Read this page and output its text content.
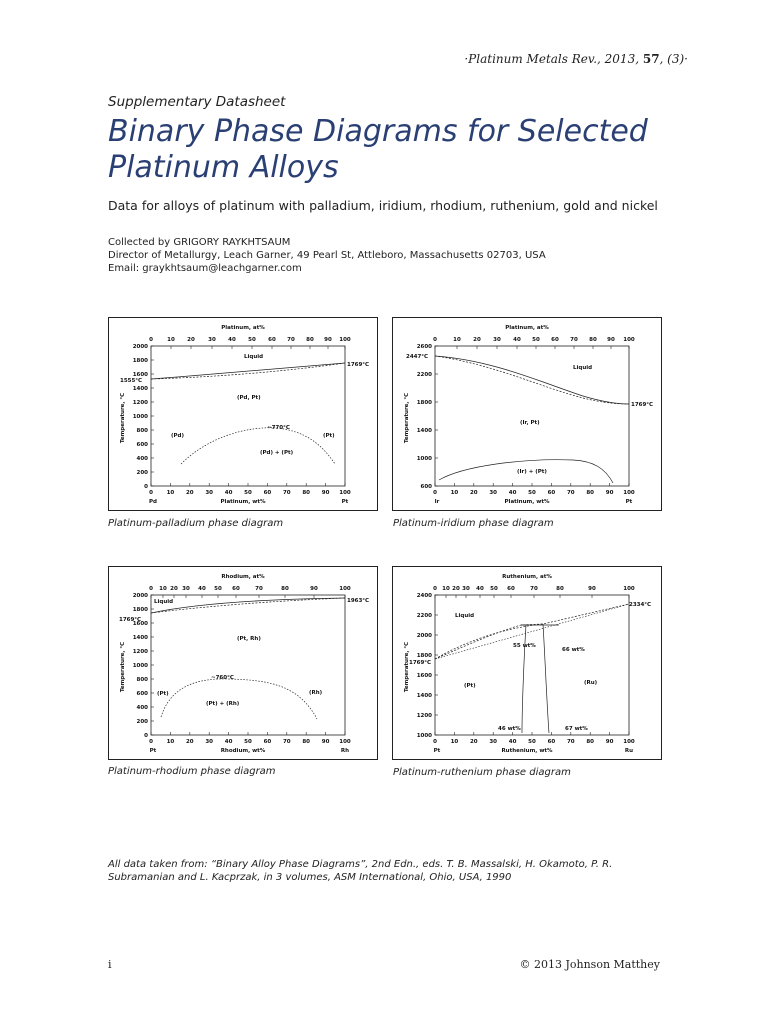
·Platinum Metals Rev., 2013, 57, (3)·
Supplementary Datasheet
Binary Phase Diagrams for Selected
Platinum Alloys
Data for alloys of platinum with palladium, iridium, rhodium, ruthenium, gold and nickel
Collected by GRIGORY RAYKHTSAUM
Director of Metallurgy, Leach Garner, 49 Pearl St, Attleboro, Massachusetts 02703, USA
Email: graykhtsaum@leachgarner.com
0 10 20 30 40 50 60 70 80 90 100
0	10 20 30 40 50 60 70 80 90 100
2000
1800
1600
1400
1200
1000
800
600
400
200
0
Platinum, at%
Platinum, wt%
Pd	Pt
Temperature, °C
Liquid
1555°C
1769°C
(Pd, Pt)
(Pd)	(Pt)
~770°C
(Pd) + (Pt)
Platinum-palladium phase diagram
0 10 20 30 40 50 60 70 80 90 100
0	10 20 30 40 50 60 70 80 90 100
2600
2200
1800
1400
1000
600
Platinum, at%
Platinum, wt%
Ir	Pt
Temperature, °C
Liquid
2447°C
1769°C
(Ir, Pt)
(Ir) + (Pt)
Platinum-iridium phase diagram
0 10 20 30 40 50 60 70 80 90 100
0 10 20 30 40 50 60	70	80	90	100
2000
1800
1600
1400
1200
1000
800
600
400
200
0
Rhodium, at%
Rhodium, wt%
Pt	Rh
Temperature, °C
Liquid
1769°C
1963°C
(Pt, Rh)
(Pt)	(Rh)
~760°C
(Pt) + (Rh)
Platinum-rhodium phase diagram
0 10 20 30 40 50 60 70 80 90 100
0 10 20 30 40 50 60	70	80	90	100
2400
2200
2000
1800
1600
1400
1200
1000
Ruthenium, at%
Ruthenium, wt%
Pt	Ru
Temperature, °C
Liquid
1769°C
2334°C
(Pt)	(Ru)
55 wt%
66 wt%
46 wt%	67 wt%
Platinum-ruthenium phase diagram
All data taken from: “Binary Alloy Phase Diagrams”, 2nd Edn., eds. T. B. Massalski, H. Okamoto, P. R. Subramanian and L. Kacprzak, in 3 volumes, ASM International, Ohio, USA, 1990
i	© 2013 Johnson Matthey
